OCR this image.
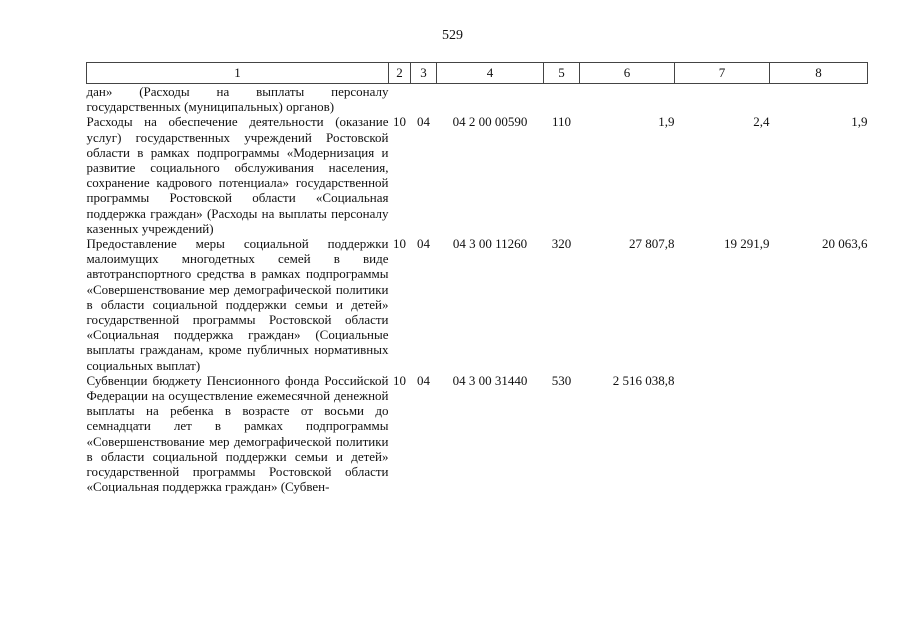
529
1	2	3	4	5	6	7	8
дан» (Расходы на выплаты персоналу государственных (муниципальных) органов)							
Расходы на обеспечение деятельности (оказание услуг) государственных учреждений Ростовской области в рамках подпрограммы «Модернизация и развитие социального обслуживания населения, сохранение кадрового потенциала» государственной программы Ростовской области «Социальная поддержка граждан» (Расходы на выплаты персоналу казенных учреждений)	10	04	04 2 00 00590	110	1,9	2,4	1,9
Предоставление меры социальной поддержки малоимущих многодетных семей в виде автотранспортного средства в рамках подпрограммы «Совершенствование мер демографической политики в области социальной поддержки семьи и детей» государственной программы Ростовской области «Социальная поддержка граждан» (Социальные выплаты гражданам, кроме публичных нормативных социальных выплат)	10	04	04 3 00 11260	320	27 807,8	19 291,9	20 063,6
Субвенции бюджету Пенсионного фонда Российской Федерации на осуществление ежемесячной денежной выплаты на ребенка в возрасте от восьми до семнадцати лет в рамках подпрограммы «Совершенствование мер демографической политики в области социальной поддержки семьи и детей» государственной программы Ростовской области «Социальная поддержка граждан» (Субвен-	10	04	04 3 00 31440	530	2 516 038,8		
